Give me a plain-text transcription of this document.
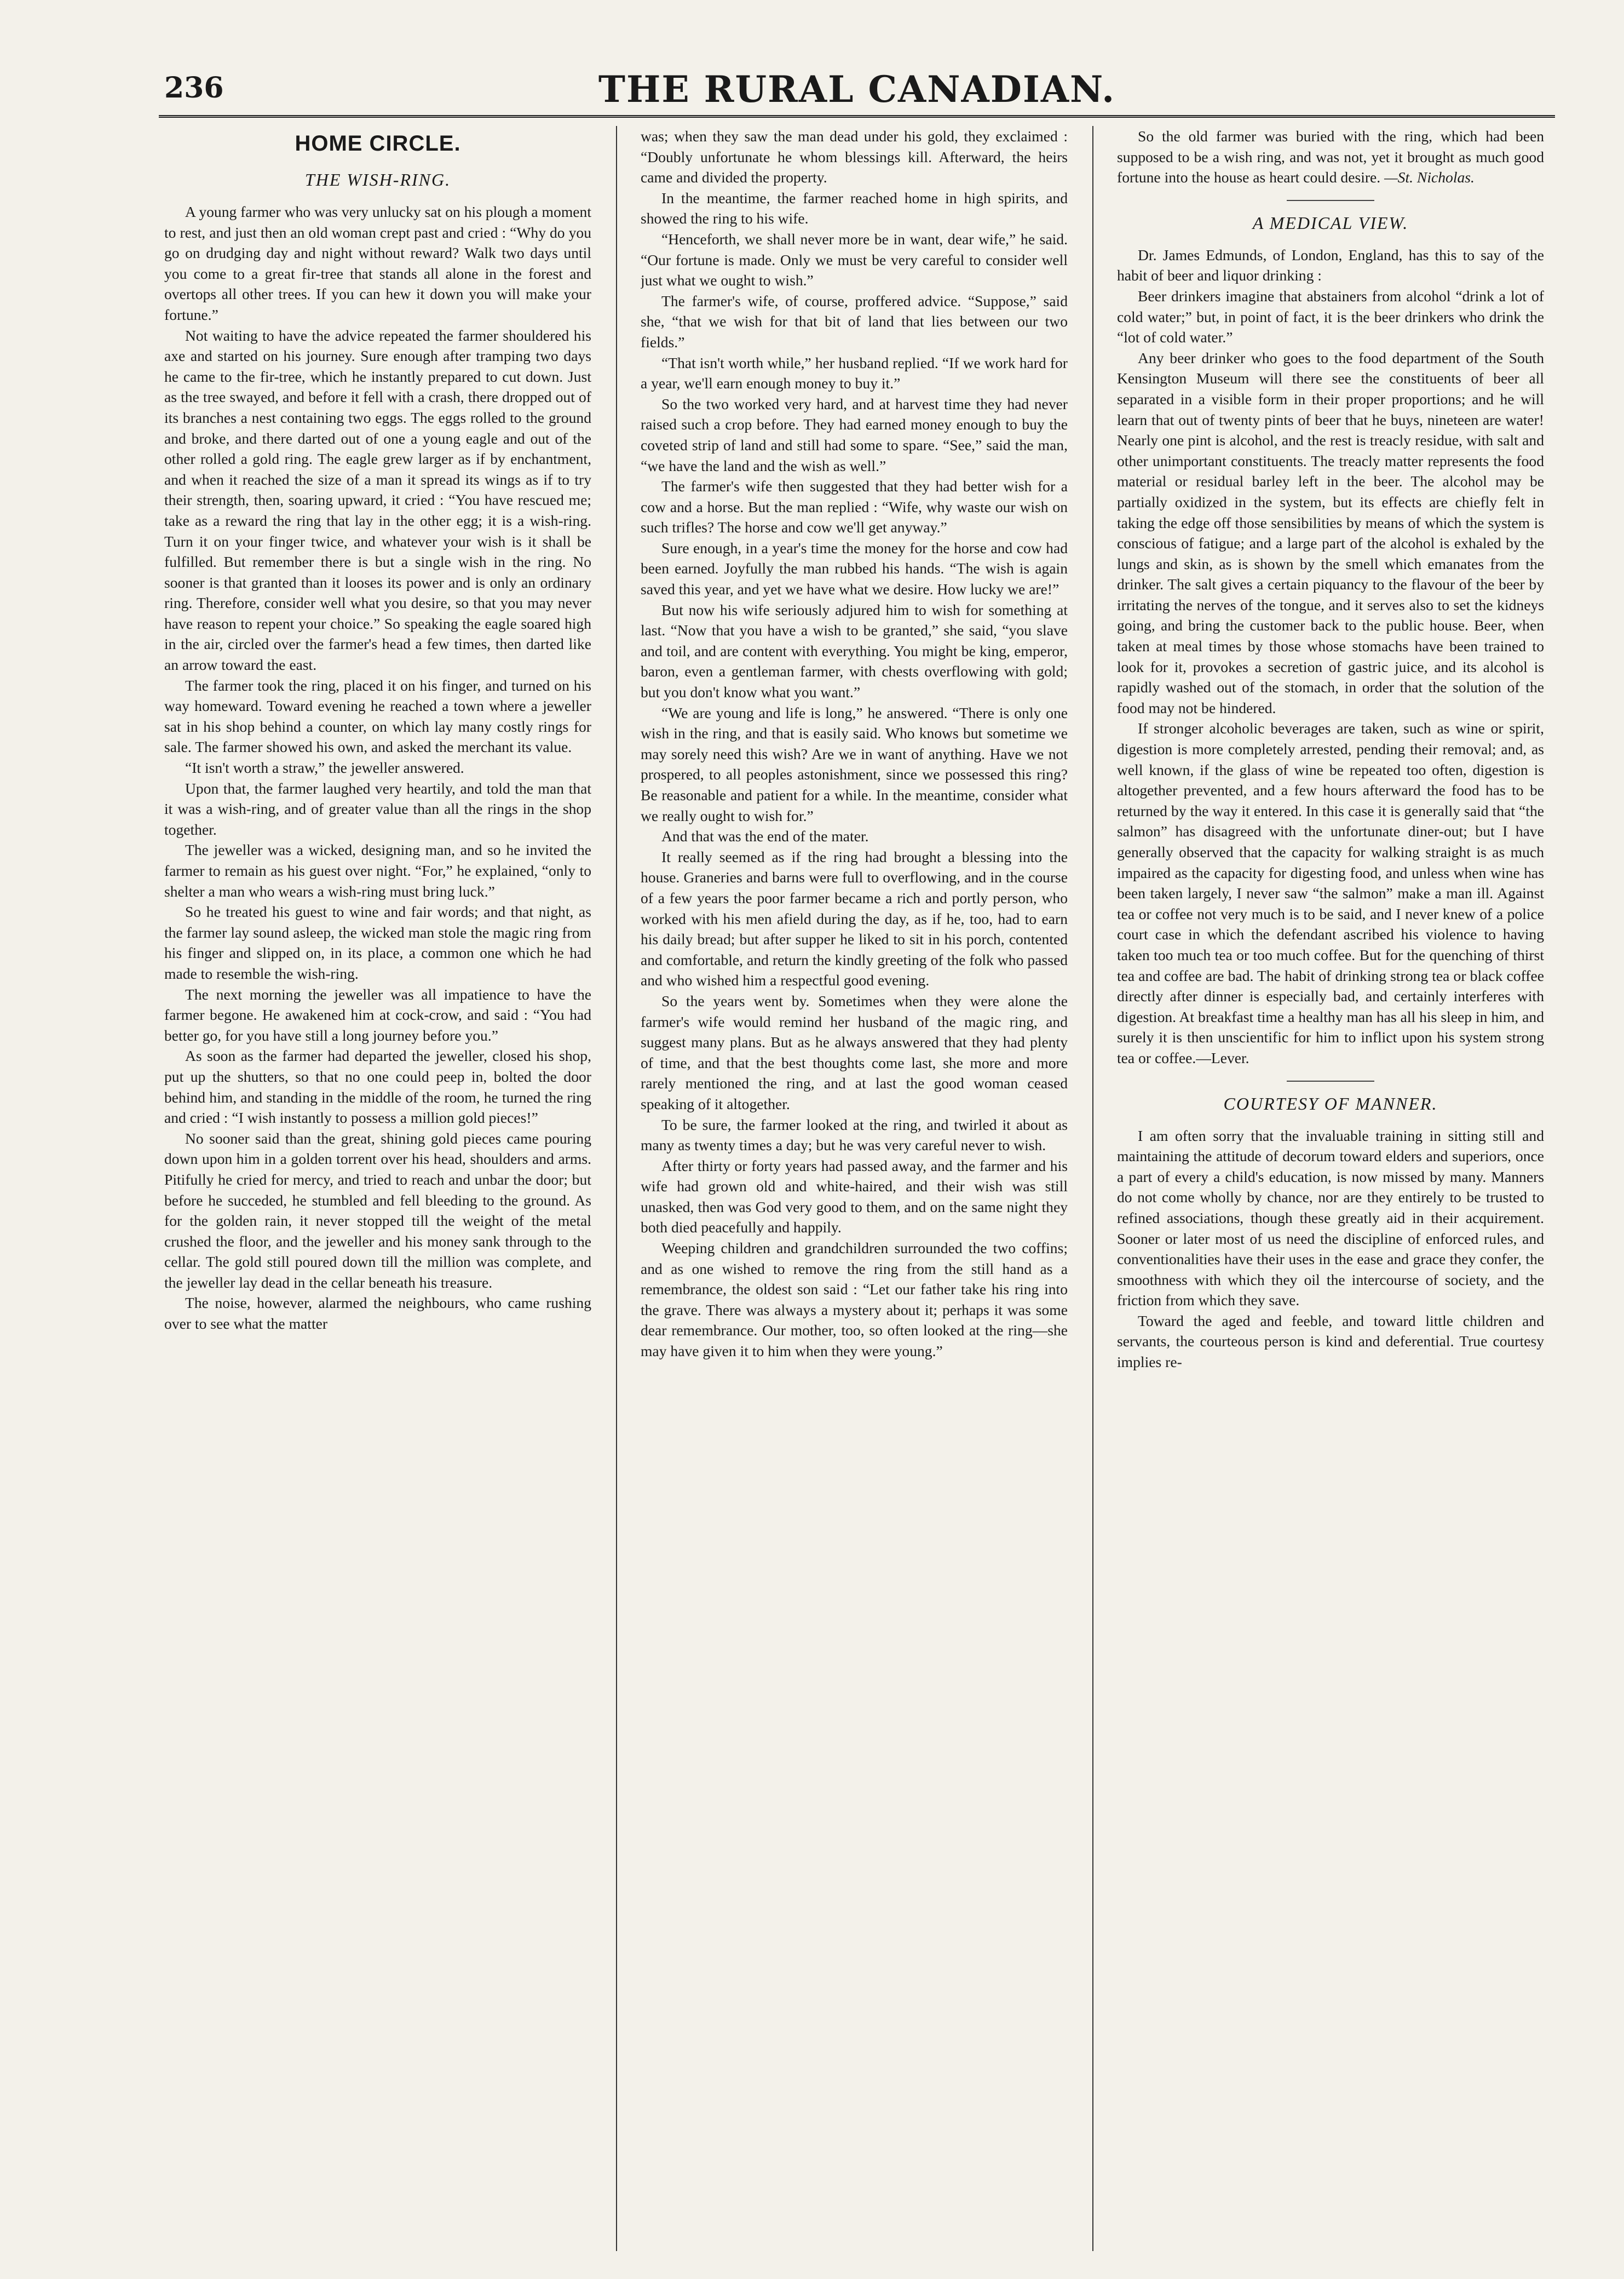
236	THE RURAL CANADIAN.
HOME CIRCLE.
THE WISH-RING.

A young farmer who was very unlucky sat on his plough a moment to rest, and just then an old woman crept past and cried : “Why do you go on drudging day and night without reward? Walk two days until you come to a great fir-tree that stands all alone in the forest and overtops all other trees. If you can hew it down you will make your fortune.”

Not waiting to have the advice repeated the farmer shouldered his axe and started on his journey. Sure enough after tramping two days he came to the fir-tree, which he instantly prepared to cut down. Just as the tree swayed, and before it fell with a crash, there dropped out of its branches a nest containing two eggs. The eggs rolled to the ground and broke, and there darted out of one a young eagle and out of the other rolled a gold ring. The eagle grew larger as if by enchantment, and when it reached the size of a man it spread its wings as if to try their strength, then, soaring upward, it cried : “You have rescued me; take as a reward the ring that lay in the other egg; it is a wish-ring. Turn it on your finger twice, and whatever your wish is it shall be fulfilled. But remember there is but a single wish in the ring. No sooner is that granted than it looses its power and is only an ordinary ring. Therefore, consider well what you desire, so that you may never have reason to repent your choice.” So speaking the eagle soared high in the air, circled over the farmer's head a few times, then darted like an arrow toward the east.

The farmer took the ring, placed it on his finger, and turned on his way homeward. Toward evening he reached a town where a jeweller sat in his shop behind a counter, on which lay many costly rings for sale. The farmer showed his own, and asked the merchant its value.

“It isn't worth a straw,” the jeweller answered.

Upon that, the farmer laughed very heartily, and told the man that it was a wish-ring, and of greater value than all the rings in the shop together.

The jeweller was a wicked, designing man, and so he invited the farmer to remain as his guest over night. “For,” he explained, “only to shelter a man who wears a wish-ring must bring luck.”

So he treated his guest to wine and fair words; and that night, as the farmer lay sound asleep, the wicked man stole the magic ring from his finger and slipped on, in its place, a common one which he had made to resemble the wish-ring.

The next morning the jeweller was all impatience to have the farmer begone. He awakened him at cock-crow, and said : “You had better go, for you have still a long journey before you.”

As soon as the farmer had departed the jeweller, closed his shop, put up the shutters, so that no one could peep in, bolted the door behind him, and standing in the middle of the room, he turned the ring and cried : “I wish instantly to possess a million gold pieces!”

No sooner said than the great, shining gold pieces came pouring down upon him in a golden torrent over his head, shoulders and arms. Pitifully he cried for mercy, and tried to reach and unbar the door; but before he succeded, he stumbled and fell bleeding to the ground. As for the golden rain, it never stopped till the weight of the metal crushed the floor, and the jeweller and his money sank through to the cellar. The gold still poured down till the million was complete, and the jeweller lay dead in the cellar beneath his treasure.

The noise, however, alarmed the neighbours, who came rushing over to see what the matter

was; when they saw the man dead under his gold, they exclaimed : “Doubly unfortunate he whom blessings kill. Afterward, the heirs came and divided the property.

In the meantime, the farmer reached home in high spirits, and showed the ring to his wife.

“Henceforth, we shall never more be in want, dear wife,” he said. “Our fortune is made. Only we must be very careful to consider well just what we ought to wish.”

The farmer's wife, of course, proffered advice. “Suppose,” said she, “that we wish for that bit of land that lies between our two fields.”

“That isn't worth while,” her husband replied. “If we work hard for a year, we'll earn enough money to buy it.”

So the two worked very hard, and at harvest time they had never raised such a crop before. They had earned money enough to buy the coveted strip of land and still had some to spare. “See,” said the man, “we have the land and the wish as well.”

The farmer's wife then suggested that they had better wish for a cow and a horse. But the man replied : “Wife, why waste our wish on such trifles? The horse and cow we'll get anyway.”

Sure enough, in a year's time the money for the horse and cow had been earned. Joyfully the man rubbed his hands. “The wish is again saved this year, and yet we have what we desire. How lucky we are!”

But now his wife seriously adjured him to wish for something at last. “Now that you have a wish to be granted,” she said, “you slave and toil, and are content with everything. You might be king, emperor, baron, even a gentleman farmer, with chests overflowing with gold; but you don't know what you want.”

“We are young and life is long,” he answered. “There is only one wish in the ring, and that is easily said. Who knows but sometime we may sorely need this wish? Are we in want of anything. Have we not prospered, to all peoples astonishment, since we possessed this ring? Be reasonable and patient for a while. In the meantime, consider what we really ought to wish for.”

And that was the end of the mater.

It really seemed as if the ring had brought a blessing into the house. Graneries and barns were full to overflowing, and in the course of a few years the poor farmer became a rich and portly person, who worked with his men afield during the day, as if he, too, had to earn his daily bread; but after supper he liked to sit in his porch, contented and comfortable, and return the kindly greeting of the folk who passed and who wished him a respectful good evening.

So the years went by. Sometimes when they were alone the farmer's wife would remind her husband of the magic ring, and suggest many plans. But as he always answered that they had plenty of time, and that the best thoughts come last, she more and more rarely mentioned the ring, and at last the good woman ceased speaking of it altogether.

To be sure, the farmer looked at the ring, and twirled it about as many as twenty times a day; but he was very careful never to wish.

After thirty or forty years had passed away, and the farmer and his wife had grown old and white-haired, and their wish was still unasked, then was God very good to them, and on the same night they both died peacefully and happily.

Weeping children and grandchildren surrounded the two coffins; and as one wished to remove the ring from the still hand as a remembrance, the oldest son said : “Let our father take his ring into the grave. There was always a mystery about it; perhaps it was some dear remembrance. Our mother, too, so often looked at the ring—she may have given it to him when they were young.”

So the old farmer was buried with the ring, which had been supposed to be a wish ring, and was not, yet it brought as much good fortune into the house as heart could desire. —St. Nicholas.

A MEDICAL VIEW.

Dr. James Edmunds, of London, England, has this to say of the habit of beer and liquor drinking :

Beer drinkers imagine that abstainers from alcohol “drink a lot of cold water;” but, in point of fact, it is the beer drinkers who drink the “lot of cold water.”

Any beer drinker who goes to the food department of the South Kensington Museum will there see the constituents of beer all separated in a visible form in their proper proportions; and he will learn that out of twenty pints of beer that he buys, nineteen are water! Nearly one pint is alcohol, and the rest is treacly residue, with salt and other unimportant constituents. The treacly matter represents the food material or residual barley left in the beer. The alcohol may be partially oxidized in the system, but its effects are chiefly felt in taking the edge off those sensibilities by means of which the system is conscious of fatigue; and a large part of the alcohol is exhaled by the lungs and skin, as is shown by the smell which emanates from the drinker. The salt gives a certain piquancy to the flavour of the beer by irritating the nerves of the tongue, and it serves also to set the kidneys going, and bring the customer back to the public house. Beer, when taken at meal times by those whose stomachs have been trained to look for it, provokes a secretion of gastric juice, and its alcohol is rapidly washed out of the stomach, in order that the solution of the food may not be hindered.

If stronger alcoholic beverages are taken, such as wine or spirit, digestion is more completely arrested, pending their removal; and, as well known, if the glass of wine be repeated too often, digestion is altogether prevented, and a few hours afterward the food has to be returned by the way it entered. In this case it is generally said that “the salmon” has disagreed with the unfortunate diner-out; but I have generally observed that the capacity for walking straight is as much impaired as the capacity for digesting food, and unless when wine has been taken largely, I never saw “the salmon” make a man ill. Against tea or coffee not very much is to be said, and I never knew of a police court case in which the defendant ascribed his violence to having taken too much tea or too much coffee. But for the quenching of thirst tea and coffee are bad. The habit of drinking strong tea or black coffee directly after dinner is especially bad, and certainly interferes with digestion. At breakfast time a healthy man has all his sleep in him, and surely it is then unscientific for him to inflict upon his system strong tea or coffee.—Lever.

COURTESY OF MANNER.

I am often sorry that the invaluable training in sitting still and maintaining the attitude of decorum toward elders and superiors, once a part of every a child's education, is now missed by many. Manners do not come wholly by chance, nor are they entirely to be trusted to refined associations, though these greatly aid in their acquirement. Sooner or later most of us need the discipline of enforced rules, and conventionalities have their uses in the ease and grace they confer, the smoothness with which they oil the intercourse of society, and the friction from which they save.

Toward the aged and feeble, and toward little children and servants, the courteous person is kind and deferential. True courtesy implies re-
